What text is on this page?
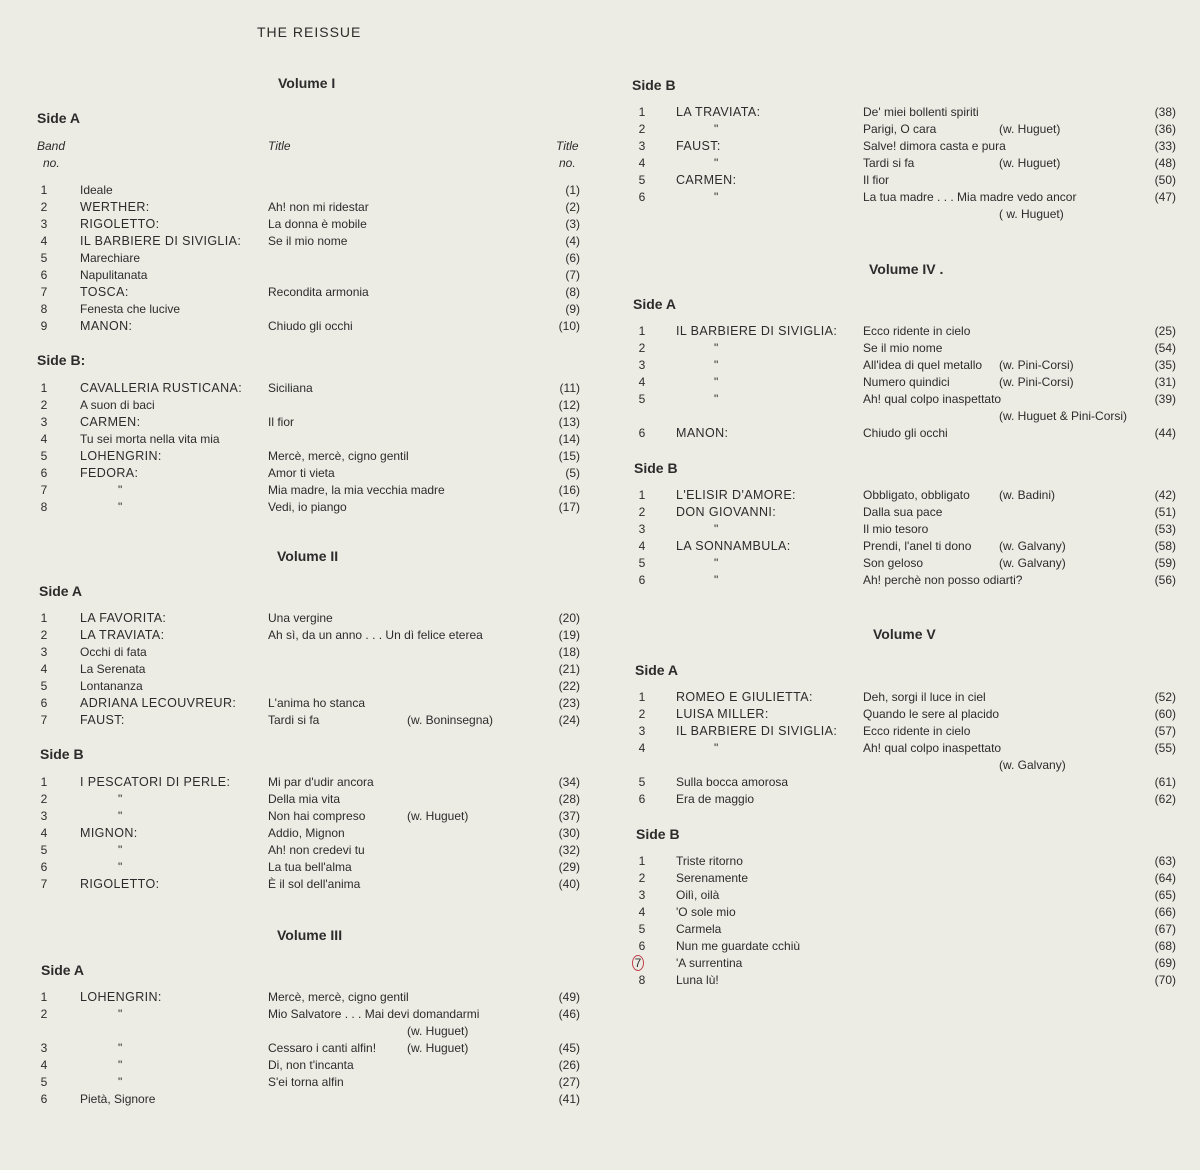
THE REISSUE
Band
no.
Title	Title
no.
Volume I
Side A
1	Ideale	(1)
2	WERTHER:	Ah! non mi ridestar	(2)
3	RIGOLETTO:	La donna è mobile	(3)
4	IL BARBIERE DI SIVIGLIA: Se il mio nome	(4)
5	Marechiare	(6)
6	Napulitanata	(7)
7	TOSCA:	Recondita armonia	(8)
8	Fenesta che lucive	(9)
9	MANON:	Chiudo gli occhi	(10)
Side B:
1	CAVALLERIA RUSTICANA: Siciliana	(11)
2	A suon di baci	(12)
3	CARMEN:	Il fior	(13)
4	Tu sei morta nella vita mia	(14)
5	LOHENGRIN:	Mercè, mercè, cigno gentil	(15)
6	FEDORA:	Amor ti vieta	(5)
7	"	Mia madre, la mia vecchia madre	(16)
8	"	Vedi, io piango	(17)
Volume II
Side A
1	LA FAVORITA:	Una vergine	(20)
2	LA TRAVIATA:	Ah sì, da un anno . . . Un dì felice eterea	(19)
3	Occhi di fata	(18)
4	La Serenata	(21)
5	Lontananza	(22)
6	ADRIANA LECOUVREUR:	L'anima ho stanca	(23)
7	FAUST:	Tardi si fa	(w. Boninsegna)	(24)
Side B
1	I PESCATORI DI PERLE:	Mi par d'udir ancora	(34)
2	"	Della mia vita	(28)
3	"	Non hai compreso	(w. Huguet)	(37)
4	MIGNON:	Addio, Mignon	(30)
5	"	Ah! non credevi tu	(32)
6	"	La tua bell'alma	(29)
7	RIGOLETTO:	È il sol dell'anima	(40)
Volume III
Side A
1	LOHENGRIN:	Mercè, mercè, cigno gentil	(49)
2	"	Mio Salvatore . . . Mai devi domandarmi	(46)
(w. Huguet)
3	"	Cessaro i canti alfin!	(w. Huguet)	(45)
4	"	Di, non t'incanta	(26)
5	"	S'ei torna alfin	(27)
6	Pietà, Signore	(41)
Side B
1 LA TRAVIATA:	De' miei bollenti spiriti	(38)
2	"	Parigi, O cara	(w. Huguet)	(36)
3 FAUST:	Salve! dimora casta e pura	(33)
4	"	Tardi si fa	(w. Huguet)	(48)
5 CARMEN:	Il fior	(50)
6	"	La tua madre . . . Mia madre vedo ancor	(47)
( w. Huguet)
Volume IV .
Side A
1 IL BARBIERE DI SIVIGLIA: Ecco ridente in cielo	(25)
2	"	Se il mio nome	(54)
3	"	All'idea di quel metallo (w. Pini-Corsi)	(35)
4	"	Numero quindici	(w. Pini-Corsi)	(31)
5	"	Ah! qual colpo inaspettato	(39)
(w. Huguet & Pini-Corsi)
6 MANON:	Chiudo gli occhi	(44)
Side B
1 L'ELISIR D'AMORE:	Obbligato, obbligato (w. Badini)	(42)
2 DON GIOVANNI:	Dalla sua pace	(51)
3	"	Il mio tesoro	(53)
4 LA SONNAMBULA:	Prendi, l'anel ti dono (w. Galvany)	(58)
5	"	Son geloso	(w. Galvany)	(59)
6	"	Ah! perchè non posso odiarti?	(56)
Volume V
Side A
1 ROMEO E GIULIETTA:	Deh, sorgi il luce in ciel	(52)
2 LUISA MILLER:	Quando le sere al placido	(60)
3 IL BARBIERE DI SIVIGLIA: Ecco ridente in cielo	(57)
4	"	Ah! qual colpo inaspettato	(55)
(w. Galvany)
5	Sulla bocca amorosa	(61)
6	Era de maggio	(62)
Side B
1	Triste ritorno	(63)
2	Serenamente	(64)
3	Oilì, oilà	(65)
4	'O sole mio	(66)
5	Carmela	(67)
6	Nun me guardate cchiù	(68)
7	'A surrentina	(69)
8	Luna lù!	(70)
